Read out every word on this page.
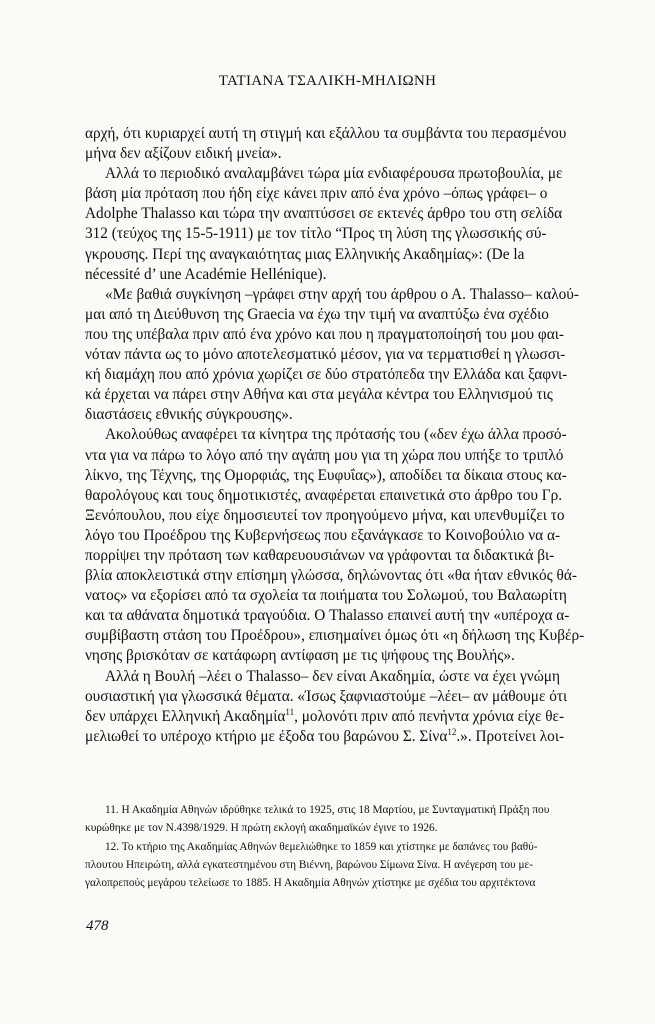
ΤΑΤΙΑΝΑ ΤΣΑΛΙΚΗ-ΜΗΛΙΩΝΗ
αρχή, ότι κυριαρχεί αυτή τη στιγμή και εξάλλου τα συμβάντα του περασμένου
μήνα δεν αξίζουν ειδική μνεία».
Αλλά το περιοδικό αναλαμβάνει τώρα μία ενδιαφέρουσα πρωτοβουλία, με
βάση μία πρόταση που ήδη είχε κάνει πριν από ένα χρόνο –όπως γράφει– ο
Adolphe Thalasso και τώρα την αναπτύσσει σε εκτενές άρθρο του στη σελίδα
312 (τεύχος της 15-5-1911) με τον τίτλο “Προς τη λύση της γλωσσικής σύ-
γκρουσης. Περί της αναγκαιότητας μιας Ελληνικής Ακαδημίας»: (De la
nécessité d’ une Académie Hellénique).
«Με βαθιά συγκίνηση –γράφει στην αρχή του άρθρου ο Α. Thalasso– καλού-
μαι από τη Διεύθυνση της Graecia να έχω την τιμή να αναπτύξω ένα σχέδιο
που της υπέβαλα πριν από ένα χρόνο και που η πραγματοποίησή του μου φαι-
νόταν πάντα ως το μόνο αποτελεσματικό μέσον, για να τερματισθεί η γλωσσι-
κή διαμάχη που από χρόνια χωρίζει σε δύο στρατόπεδα την Ελλάδα και ξαφνι-
κά έρχεται να πάρει στην Αθήνα και στα μεγάλα κέντρα του Ελληνισμού τις
διαστάσεις εθνικής σύγκρουσης».
Ακολούθως αναφέρει τα κίνητρα της πρότασής του («δεν έχω άλλα προσό-
ντα για να πάρω το λόγο από την αγάπη μου για τη χώρα που υπήξε το τριπλό
λίκνο, της Τέχνης, της Ομορφιάς, της Ευφυΐας»), αποδίδει τα δίκαια στους κα-
θαρολόγους και τους δημοτικιστές, αναφέρεται επαινετικά στο άρθρο του Γρ.
Ξενόπουλου, που είχε δημοσιευτεί τον προηγούμενο μήνα, και υπενθυμίζει το
λόγο του Προέδρου της Κυβερνήσεως που εξανάγκασε το Κοινοβούλιο να α-
πορρίψει την πρόταση των καθαρευουσιάνων να γράφονται τα διδακτικά βι-
βλία αποκλειστικά στην επίσημη γλώσσα, δηλώνοντας ότι «θα ήταν εθνικός θά-
νατος» να εξορίσει από τα σχολεία τα ποιήματα του Σολωμού, του Βαλαωρίτη
και τα αθάνατα δημοτικά τραγούδια. Ο Thalasso επαινεί αυτή την «υπέροχα α-
συμβίβαστη στάση του Προέδρου», επισημαίνει όμως ότι «η δήλωση της Κυβέρ-
νησης βρισκόταν σε κατάφωρη αντίφαση με τις ψήφους της Βουλής».
Αλλά η Βουλή –λέει ο Thalasso– δεν είναι Ακαδημία, ώστε να έχει γνώμη
ουσιαστική για γλωσσικά θέματα. «Ίσως ξαφνιαστούμε –λέει– αν μάθουμε ότι
δεν υπάρχει Ελληνική Ακαδημία$^{11}$, μολονότι πριν από πενήντα χρόνια είχε θε-
μελιωθεί το υπέροχο κτήριο με έξοδα του βαρώνου Σ. Σίνα$^{12}$.». Προτείνει λοι-
11. Η Ακαδημία Αθηνών ιδρύθηκε τελικά το 1925, στις 18 Μαρτίου, με Συνταγματική Πράξη που
κυρώθηκε με τον Ν.4398/1929. Η πρώτη εκλογή ακαδημαϊκών έγινε το 1926.
12. Το κτήριο της Ακαδημίας Αθηνών θεμελιώθηκε το 1859 και χτίστηκε με δαπάνες του βαθύ-
πλουτου Ηπειρώτη, αλλά εγκατεστημένου στη Βιέννη, βαρώνου Σίμωνα Σίνα. Η ανέγερση του με-
γαλοπρεπούς μεγάρου τελείωσε το 1885. Η Ακαδημία Αθηνών χτίστηκε με σχέδια του αρχιτέκτονα
478
